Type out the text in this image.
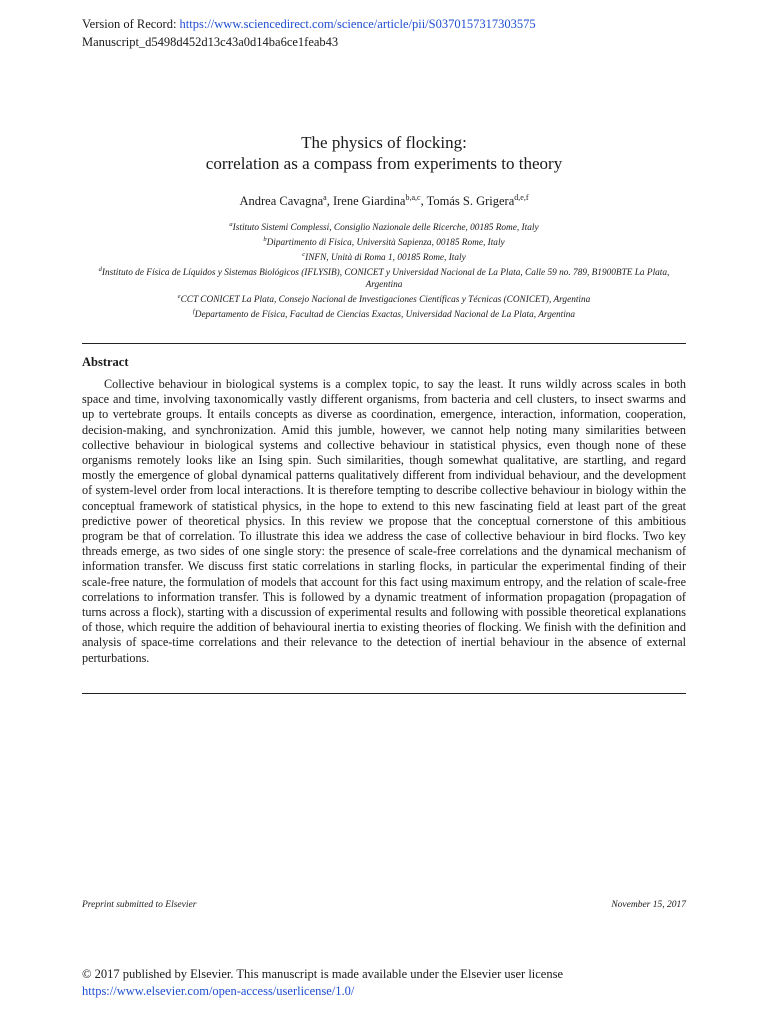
Version of Record: https://www.sciencedirect.com/science/article/pii/S0370157317303575
Manuscript_d5498d452d13c43a0d14ba6ce1feab43
The physics of flocking:
correlation as a compass from experiments to theory
Andrea Cavagna$^a$, Irene Giardina$^{b,a,c}$, Tomás S. Grigera$^{d,e,f}$
$^a$Istituto Sistemi Complessi, Consiglio Nazionale delle Ricerche, 00185 Rome, Italy
$^b$Dipartimento di Fisica, Università Sapienza, 00185 Rome, Italy
$^c$INFN, Unità di Roma 1, 00185 Rome, Italy
$^d$Instituto de Física de Líquidos y Sistemas Biológicos (IFLYSIB), CONICET y Universidad Nacional de La Plata, Calle 59 no. 789, B1900BTE La Plata, Argentina
$^e$CCT CONICET La Plata, Consejo Nacional de Investigaciones Científicas y Técnicas (CONICET), Argentina
$^f$Departamento de Física, Facultad de Ciencias Exactas, Universidad Nacional de La Plata, Argentina
Abstract
Collective behaviour in biological systems is a complex topic, to say the least. It runs wildly across scales in both space and time, involving taxonomically vastly different organisms, from bacteria and cell clusters, to insect swarms and up to vertebrate groups. It entails concepts as diverse as coordination, emergence, interaction, information, cooperation, decision-making, and synchronization. Amid this jumble, however, we cannot help noting many similarities between collective behaviour in biological systems and collective behaviour in statistical physics, even though none of these organisms remotely looks like an Ising spin. Such similarities, though somewhat qualitative, are startling, and regard mostly the emergence of global dynamical patterns qualitatively different from individual behaviour, and the development of system-level order from local interactions. It is therefore tempting to describe collective behaviour in biology within the conceptual framework of statistical physics, in the hope to extend to this new fascinating field at least part of the great predictive power of theoretical physics. In this review we propose that the conceptual cornerstone of this ambitious program be that of correlation. To illustrate this idea we address the case of collective behaviour in bird flocks. Two key threads emerge, as two sides of one single story: the presence of scale-free correlations and the dynamical mechanism of information transfer. We discuss first static correlations in starling flocks, in particular the experimental finding of their scale-free nature, the formulation of models that account for this fact using maximum entropy, and the relation of scale-free correlations to information transfer. This is followed by a dynamic treatment of information propagation (propagation of turns across a flock), starting with a discussion of experimental results and following with possible theoretical explanations of those, which require the addition of behavioural inertia to existing theories of flocking. We finish with the definition and analysis of space-time correlations and their relevance to the detection of inertial behaviour in the absence of external perturbations.
Preprint submitted to Elsevier	November 15, 2017
© 2017 published by Elsevier. This manuscript is made available under the Elsevier user license
https://www.elsevier.com/open-access/userlicense/1.0/
